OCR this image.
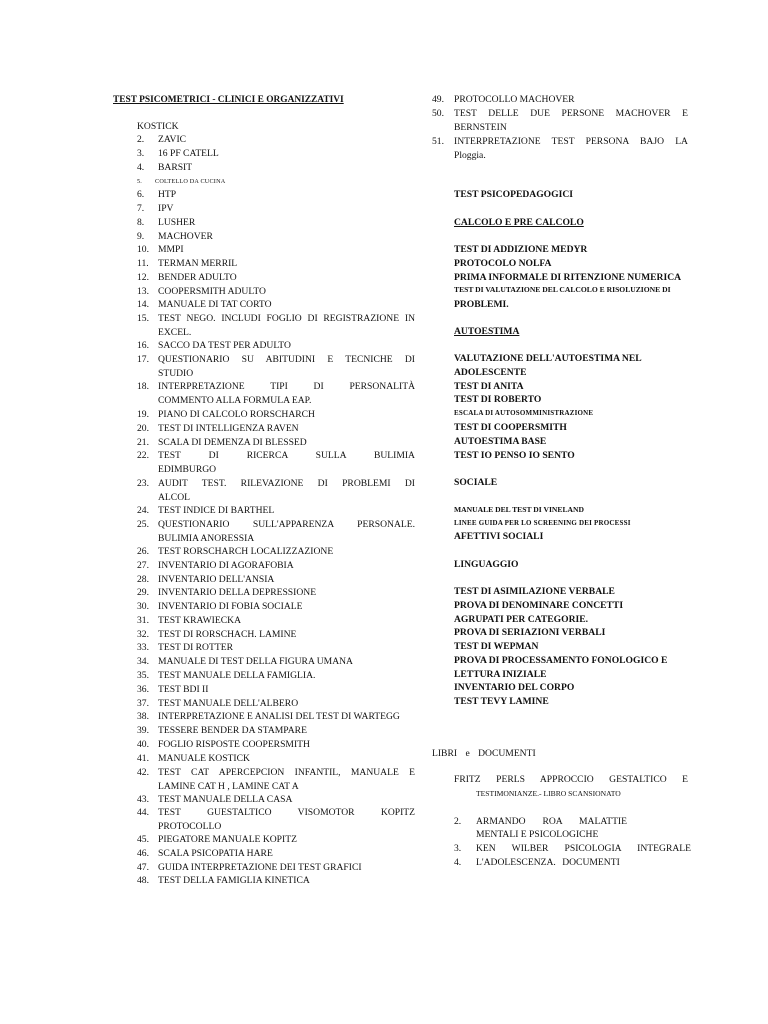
TEST PSICOMETRICI - CLINICI E ORGANIZZATIVI
KOSTICK
TEST PSICOPEDAGOGICI
CALCOLO E PRE CALCOLO
TEST DI ADDIZIONE MEDYR
PROTOCOLO NOLFA
PRIMA INFORMALE DI RITENZIONE NUMERICA
TEST DI VALUTAZIONE DEL CALCOLO E RISOLUZIONE DI
PROBLEMI.
AUTOESTIMA
VALUTAZIONE DELL'AUTOESTIMA NEL
ADOLESCENTE
TEST DI ANITA
TEST DI ROBERTO
ESCALA DI AUTOSOMMINISTRAZIONE
TEST DI COOPERSMITH
AUTOESTIMA BASE
TEST IO PENSO IO SENTO
SOCIALE
MANUALE DEL TEST DI VINELAND
LINEE GUIDA PER LO SCREENING DEI PROCESSI
AFETTIVI SOCIALI
LINGUAGGIO
TEST DI ASIMILAZIONE VERBALE
PROVA DI DENOMINARE CONCETTI
AGRUPATI PER CATEGORIE.
PROVA DI SERIAZIONI VERBALI
TEST DI WEPMAN
PROVA DI PROCESSAMENTO FONOLOGICO E
LETTURA INIZIALE
INVENTARIO DEL CORPO
TEST TEVY LAMINE
LIBRI e DOCUMENTI
FRITZ PERLS APPROCCIO GESTALTICO E
TESTIMONIANZE.- LIBRO SCANSIONATO
2. ZAVIC
3. 16 PF CATELL
4. BARSIT
5. COLTELLO DA CUCINA
6. HTP
7. IPV
8. LUSHER
9. MACHOVER
10. MMPI
11. TERMAN MERRIL
12. BENDER ADULTO
13. COOPERSMITH ADULTO
14. MANUALE DI TAT CORTO
15. TEST NEGO. INCLUDI FOGLIO DI REGISTRAZIONE IN
EXCEL.
16. SACCO DA TEST PER ADULTO
17. QUESTIONARIO SU ABITUDINI E TECNICHE DI
STUDIO
18. INTERPRETAZIONE TIPI DI PERSONALITÀ
COMMENTO ALLA FORMULA EAP.
19. PIANO DI CALCOLO RORSCHARCH
20. TEST DI INTELLIGENZA RAVEN
21. SCALA DI DEMENZA DI BLESSED
22. TEST DI RICERCA SULLA BULIMIA
EDIMBURGO
23. AUDIT TEST. RILEVAZIONE DI PROBLEMI DI
ALCOL
24. TEST INDICE DI BARTHEL
25. QUESTIONARIO SULL'APPARENZA PERSONALE.
BULIMIA ANORESSIA
26. TEST RORSCHARCH LOCALIZZAZIONE
27. INVENTARIO DI AGORAFOBIA
28. INVENTARIO DELL'ANSIA
29. INVENTARIO DELLA DEPRESSIONE
30. INVENTARIO DI FOBIA SOCIALE
31. TEST KRAWIECKA
32. TEST DI RORSCHACH. LAMINE
33. TEST DI ROTTER
34. MANUALE DI TEST DELLA FIGURA UMANA
35. TEST MANUALE DELLA FAMIGLIA.
36. TEST BDI II
37. TEST MANUALE DELL'ALBERO
38. INTERPRETAZIONE E ANALISI DEL TEST DI WARTEGG
39. TESSERE BENDER DA STAMPARE
40. FOGLIO RISPOSTE COOPERSMITH
41. MANUALE KOSTICK
42. TEST CAT APERCEPCION INFANTIL, MANUALE E
LAMINE CAT H , LAMINE CAT A
43. TEST MANUALE DELLA CASA
44. TEST GUESTALTICO VISOMOTOR KOPITZ
PROTOCOLLO
45. PIEGATORE MANUALE KOPITZ
46. SCALA PSICOPATIA HARE
47. GUIDA INTERPRETAZIONE DEI TEST GRAFICI
48. TEST DELLA FAMIGLIA KINETICA
49. PROTOCOLLO MACHOVER
50. TEST DELLE DUE PERSONE MACHOVER E
BERNSTEIN
51. INTERPRETAZIONE TEST PERSONA BAJO LA
Ploggia.
2. ARMANDO ROA MALATTIE
MENTALI E PSICOLOGICHE
3. KEN WILBER PSICOLOGIA INTEGRALE
4. L'ADOLESCENZA. DOCUMENTI
